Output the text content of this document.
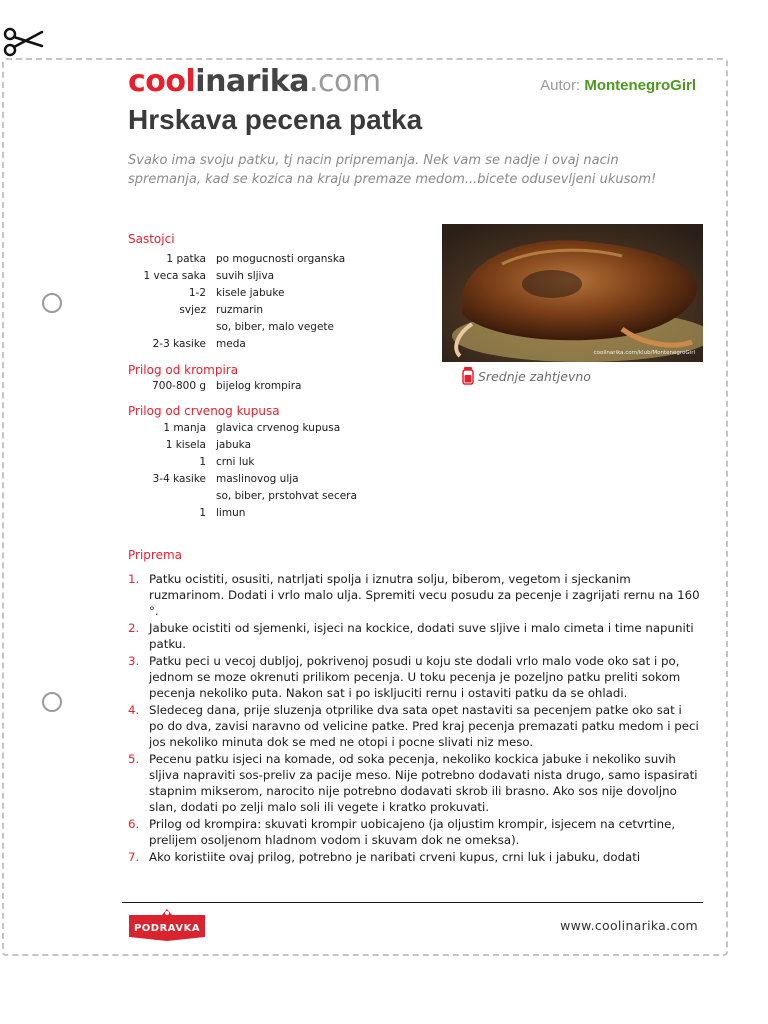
coolinarika.com	Autor: MontenegroGirl
Hrskava pecena patka

Svako ima svoju patku, tj nacin pripremanja. Nek vam se nadje i ovaj nacin spremanja, kad se kozica na kraju premaze medom...bicete odusevljeni ukusom!

Sastojci
1 patka po mogucnosti organska
1 veca saka suvih sljiva
1-2 kisele jabuke
svjez ruzmarin
so, biber, malo vegete
2-3 kasike meda
Prilog od krompira
700-800 g bijelog krompira
Prilog od crvenog kupusa
1 manja glavica crvenog kupusa
1 kisela jabuka
1 crni luk
3-4 kasike maslinovog ulja
so, biber, prstohvat secera
1 limun
coolinarika.com/klub/MontenegroGirl
Srednje zahtjevno
Priprema
1. Patku ocistiti, osusiti, natrljati spolja i iznutra solju, biberom, vegetom i sjeckanim ruzmarinom. Dodati i vrlo malo ulja. Spremiti vecu posudu za pecenje i zagrijati rernu na 160 °.
2. Jabuke ocistiti od sjemenki, isjeci na kockice, dodati suve sljive i malo cimeta i time napuniti patku.
3. Patku peci u vecoj dubljoj, pokrivenoj posudi u koju ste dodali vrlo malo vode oko sat i po, jednom se moze okrenuti prilikom pecenja. U toku pecenja je pozeljno patku preliti sokom pecenja nekoliko puta. Nakon sat i po iskljuciti rernu i ostaviti patku da se ohladi.
4. Sledeceg dana, prije sluzenja otprilike dva sata opet nastaviti sa pecenjem patke oko sat i po do dva, zavisi naravno od velicine patke. Pred kraj pecenja premazati patku medom i peci jos nekoliko minuta dok se med ne otopi i pocne slivati niz meso.
5. Pecenu patku isjeci na komade, od soka pecenja, nekoliko kockica jabuke i nekoliko suvih sljiva napraviti sos-preliv za pacije meso. Nije potrebno dodavati nista drugo, samo ispasirati stapnim mikserom, narocito nije potrebno dodavati skrob ili brasno. Ako sos nije dovoljno slan, dodati po zelji malo soli ili vegete i kratko prokuvati.
6. Prilog od krompira: skuvati krompir uobicajeno (ja oljustim krompir, isjecem na cetvrtine, prelijem osoljenom hladnom vodom i skuvam dok ne omeksa).
7. Ako koristiite ovaj prilog, potrebno je naribati crveni kupus, crni luk i jabuku, dodati
PODRAVKA	www.coolinarika.com
